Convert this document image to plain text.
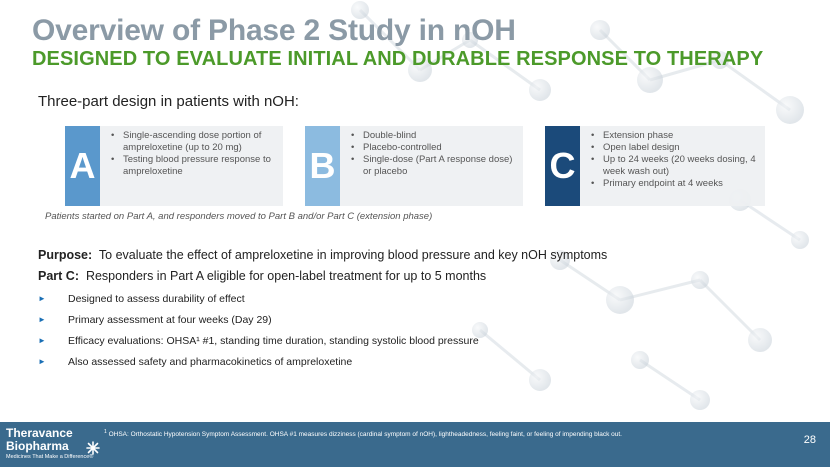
Overview of Phase 2 Study in nOH
DESIGNED TO EVALUATE INITIAL AND DURABLE RESPONSE TO THERAPY
Three-part design in patients with nOH:
A
• Single-ascending dose portion of ampreloxetine (up to 20 mg)
• Testing blood pressure response to ampreloxetine	B
• Double-blind
• Placebo-controlled
• Single-dose (Part A response dose) or placebo	C
• Extension phase
• Open label design
• Up to 24 weeks (20 weeks dosing, 4 week wash out)
• Primary endpoint at 4 weeks
Patients started on Part A, and responders moved to Part B and/or Part C (extension phase)
Purpose: To evaluate the effect of ampreloxetine in improving blood pressure and key nOH symptoms
Part C: Responders in Part A eligible for open-label treatment for up to 5 months
► Designed to assess durability of effect
► Primary assessment at four weeks (Day 29)
► Efficacy evaluations: OHSA¹ #1, standing time duration, standing systolic blood pressure
► Also assessed safety and pharmacokinetics of ampreloxetine
Theravance
Biopharma
Medicines That Make a Difference®
$^1$ OHSA: Orthostatic Hypotension Symptom Assessment. OHSA #1 measures dizziness (cardinal symptom of nOH), lightheadedness, feeling faint, or feeling of impending black out.	28
